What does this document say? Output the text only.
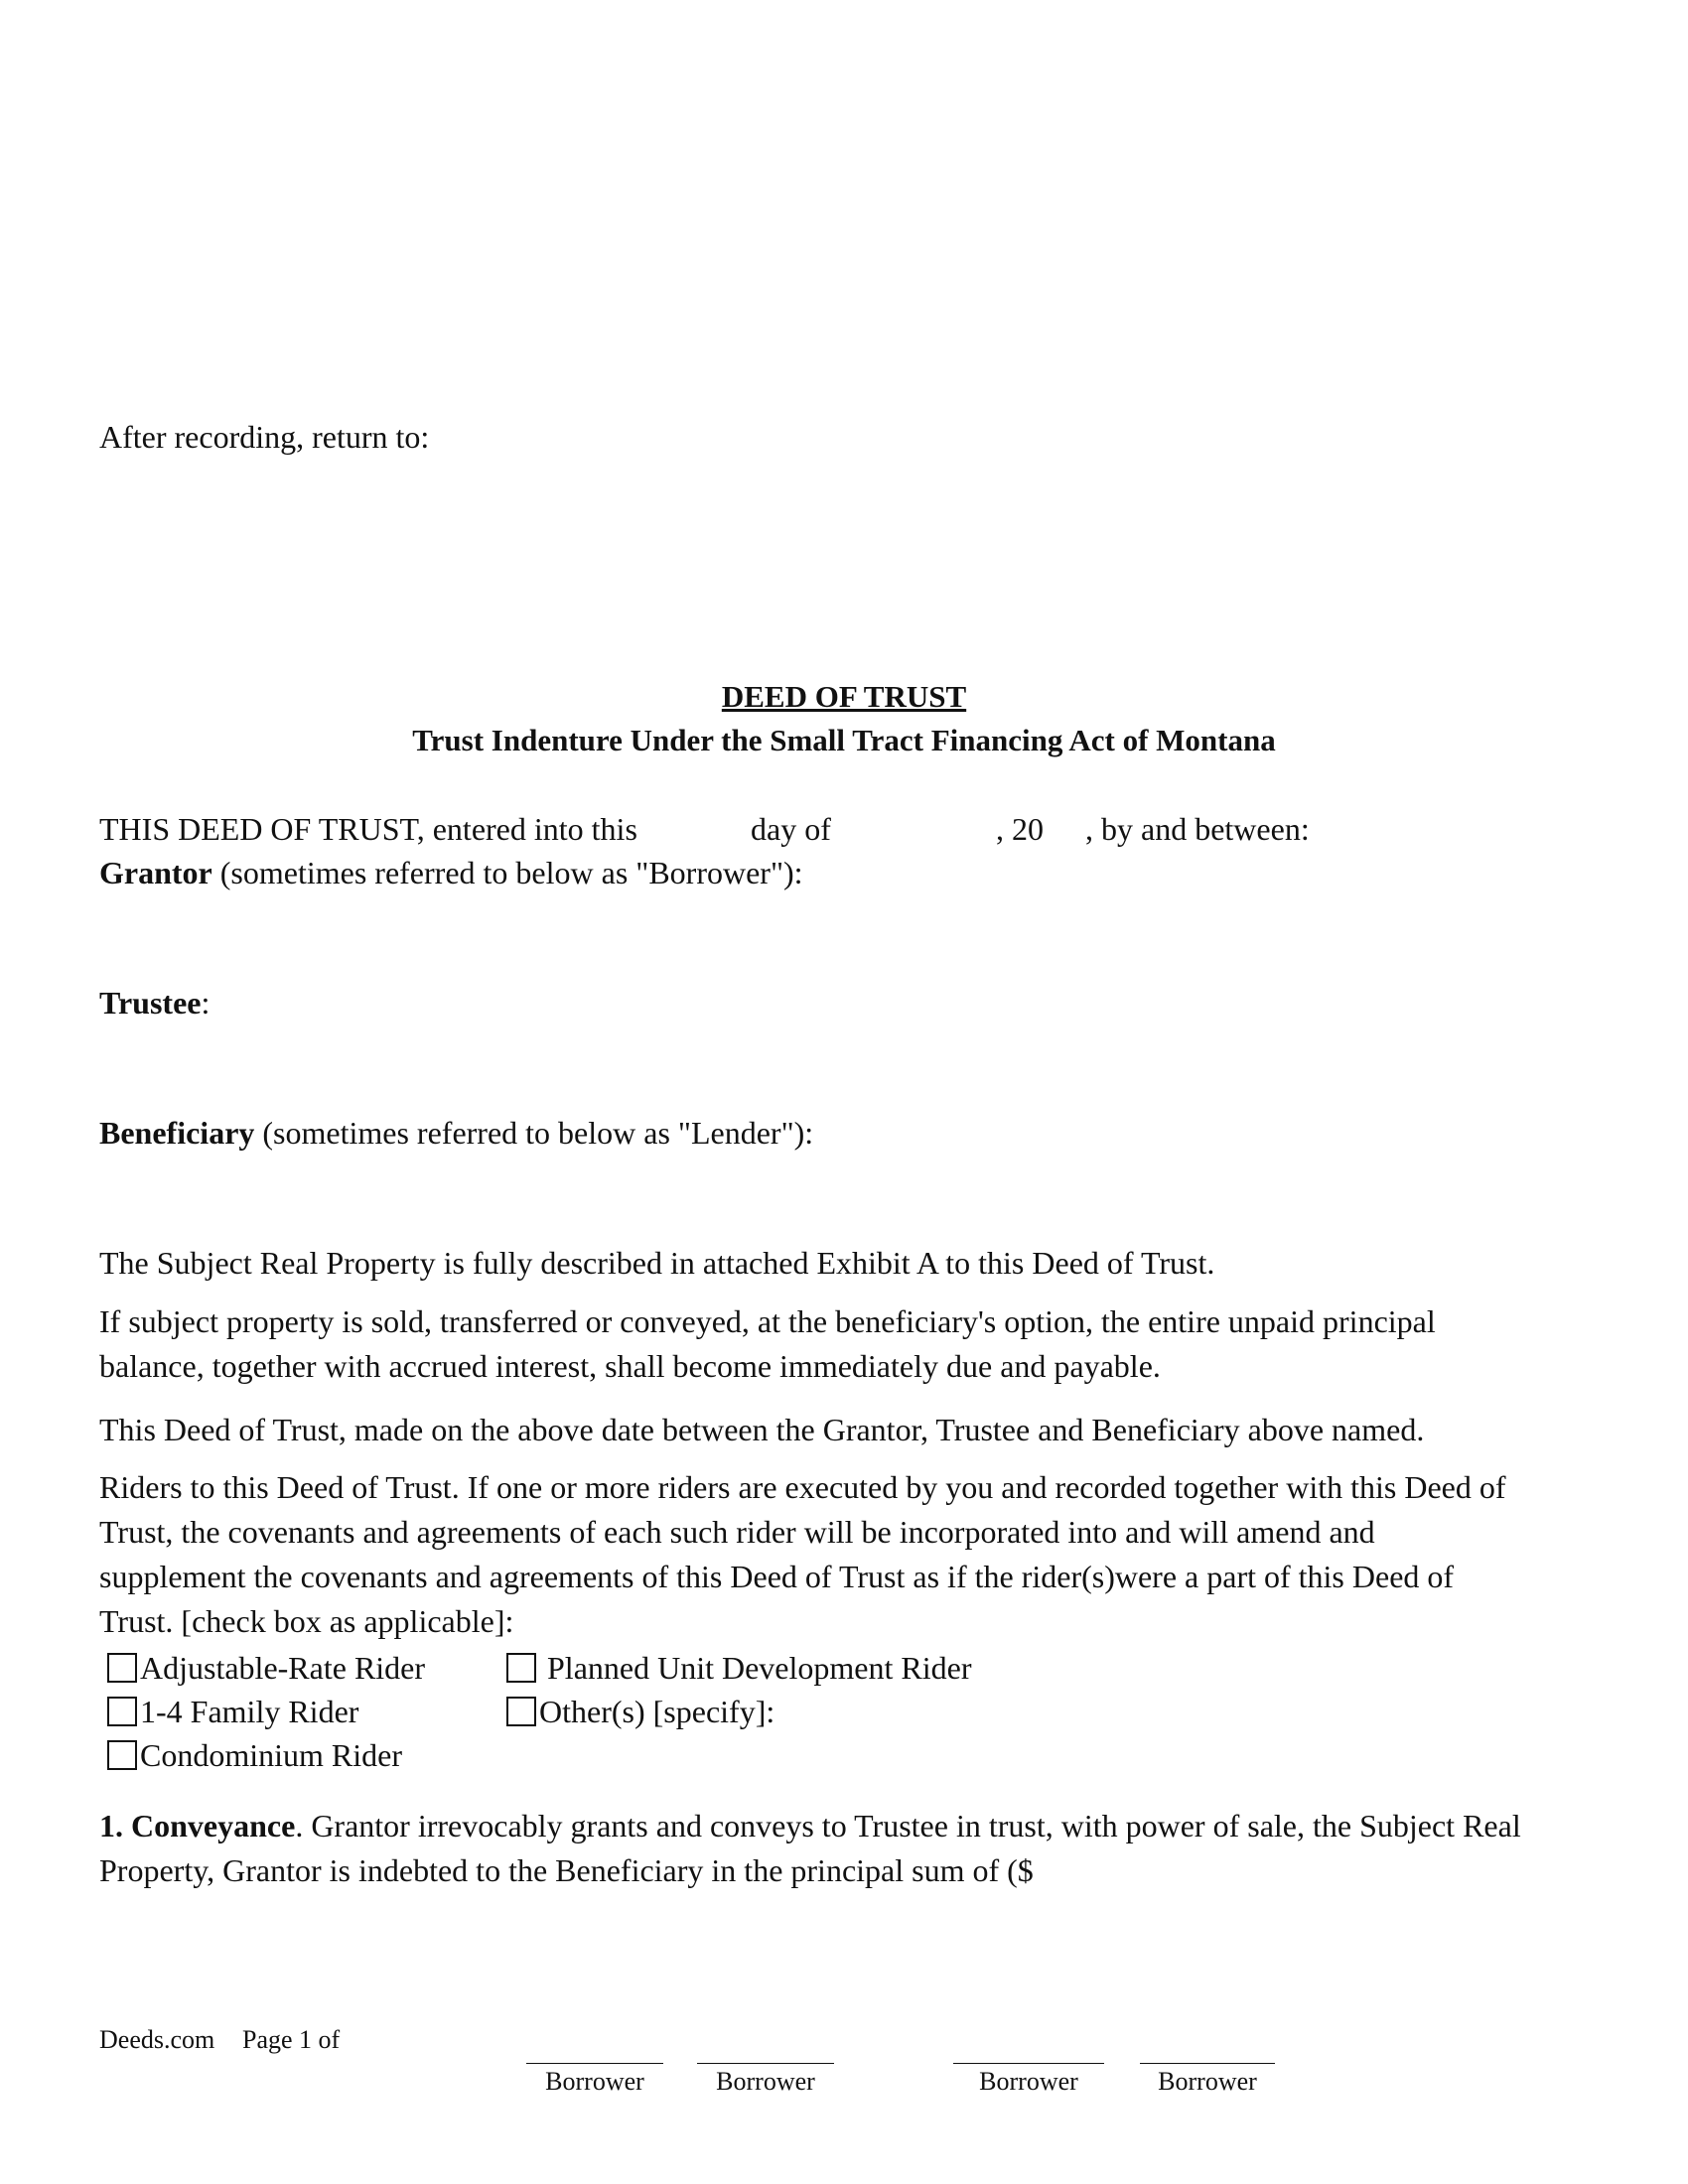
After recording, return to:
DEED OF TRUST
Trust Indenture Under the Small Tract Financing Act of Montana
THIS DEED OF TRUST, entered into this	day of	, 20 , by and between:
Grantor (sometimes referred to below as "Borrower"):
Trustee:
Beneficiary (sometimes referred to below as "Lender"):
The Subject Real Property is fully described in attached Exhibit A to this Deed of Trust.

If subject property is sold, transferred or conveyed, at the beneficiary's option, the entire unpaid principal

balance, together with accrued interest, shall become immediately due and payable.

This Deed of Trust, made on the above date between the Grantor, Trustee and Beneficiary above named.

Riders to this Deed of Trust. If one or more riders are executed by you and recorded together with this Deed of

Trust, the covenants and agreements of each such rider will be incorporated into and will amend and

supplement the covenants and agreements of this Deed of Trust as if the rider(s)were a part of this Deed of

Trust. [check box as applicable]:

Adjustable-Rate Rider
1-4 Family Rider
Condominium Rider
Planned Unit Development Rider
Other(s) [specify]:

1. Conveyance. Grantor irrevocably grants and conveys to Trustee in trust, with power of sale, the Subject Real

Property, Grantor is indebted to the Beneficiary in the principal sum of ($

Deeds.com Page 1 of
Borrower	Borrower	Borrower	Borrower
